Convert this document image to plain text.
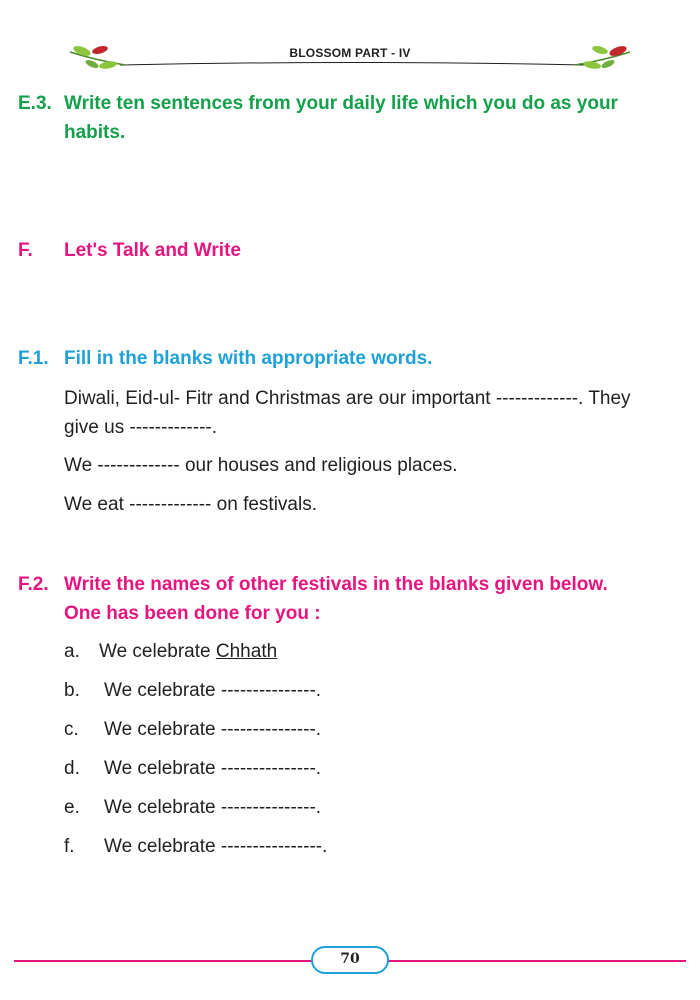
BLOSSOM PART - IV
E.3. Write ten sentences from your daily life which you do as your
habits.
F. Let's Talk and Write
F.1. Fill in the blanks with appropriate words.
Diwali, Eid-ul- Fitr and Christmas are our important -------------. They
give us -------------.
We ------------- our houses and religious places.
We eat ------------- on festivals.
F.2. Write the names of other festivals in the blanks given below.
One has been done for you :
a. We celebrate Chhath
b. We celebrate ---------------.
c. We celebrate ---------------.
d. We celebrate ---------------.
e. We celebrate ---------------.
f. We celebrate ----------------.
70
